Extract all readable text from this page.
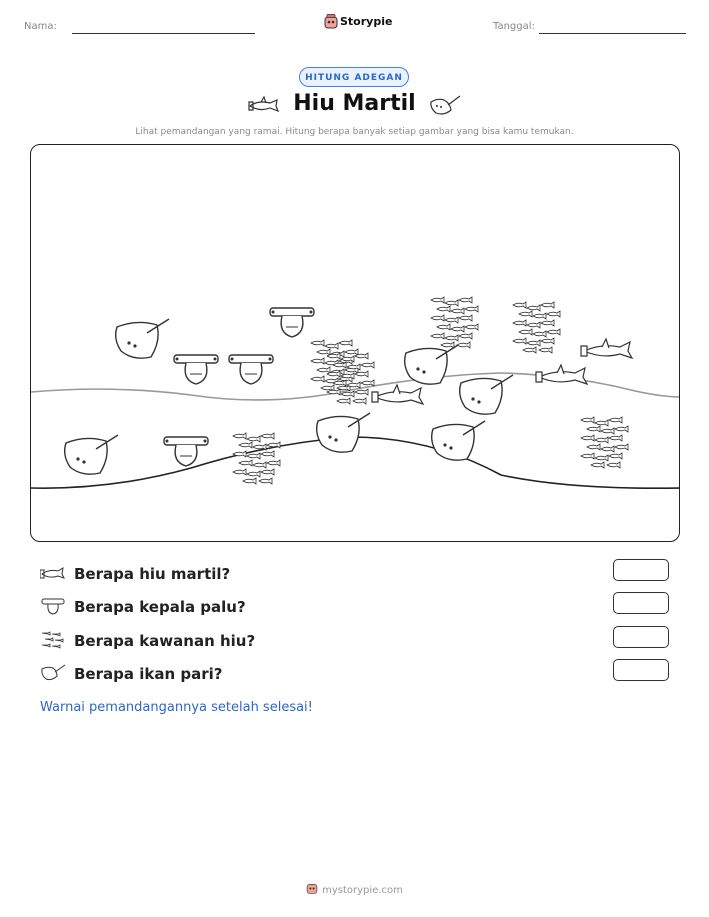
Nama:	Storypie	Tanggal:
HITUNG ADEGAN
Hiu Martil
Lihat pemandangan yang ramai. Hitung berapa banyak setiap gambar yang bisa kamu temukan.
Berapa hiu martil?
Berapa kepala palu?
Berapa kawanan hiu?
Berapa ikan pari?
Warnai pemandangannya setelah selesai!
mystorypie.com
